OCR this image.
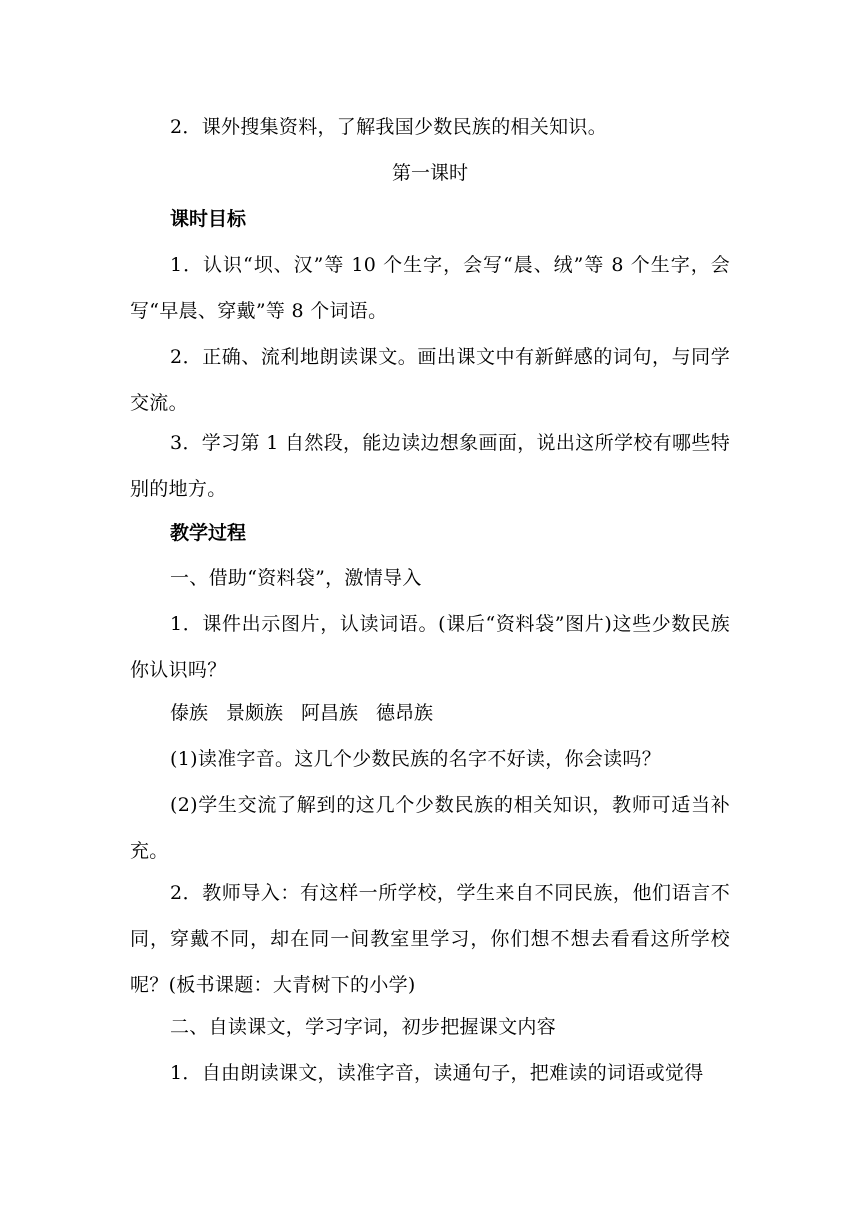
2．课外搜集资料，了解我国少数民族的相关知识。

第一课时

课时目标

1．认识“坝、汉”等 10 个生字，会写“晨、绒”等 8 个生字，会写“早晨、穿戴”等 8 个词语。

2．正确、流利地朗读课文。画出课文中有新鲜感的词句，与同学交流。

3．学习第 1 自然段，能边读边想象画面，说出这所学校有哪些特别的地方。

教学过程

一、借助“资料袋”，激情导入

1．课件出示图片，认读词语。(课后“资料袋”图片)这些少数民族你认识吗？

傣族 景颇族 阿昌族 德昂族

(1)读准字音。这几个少数民族的名字不好读，你会读吗？

(2)学生交流了解到的这几个少数民族的相关知识，教师可适当补充。

2．教师导入：有这样一所学校，学生来自不同民族，他们语言不同，穿戴不同，却在同一间教室里学习，你们想不想去看看这所学校呢？(板书课题：大青树下的小学)

二、自读课文，学习字词，初步把握课文内容

1．自由朗读课文，读准字音，读通句子，把难读的词语或觉得
